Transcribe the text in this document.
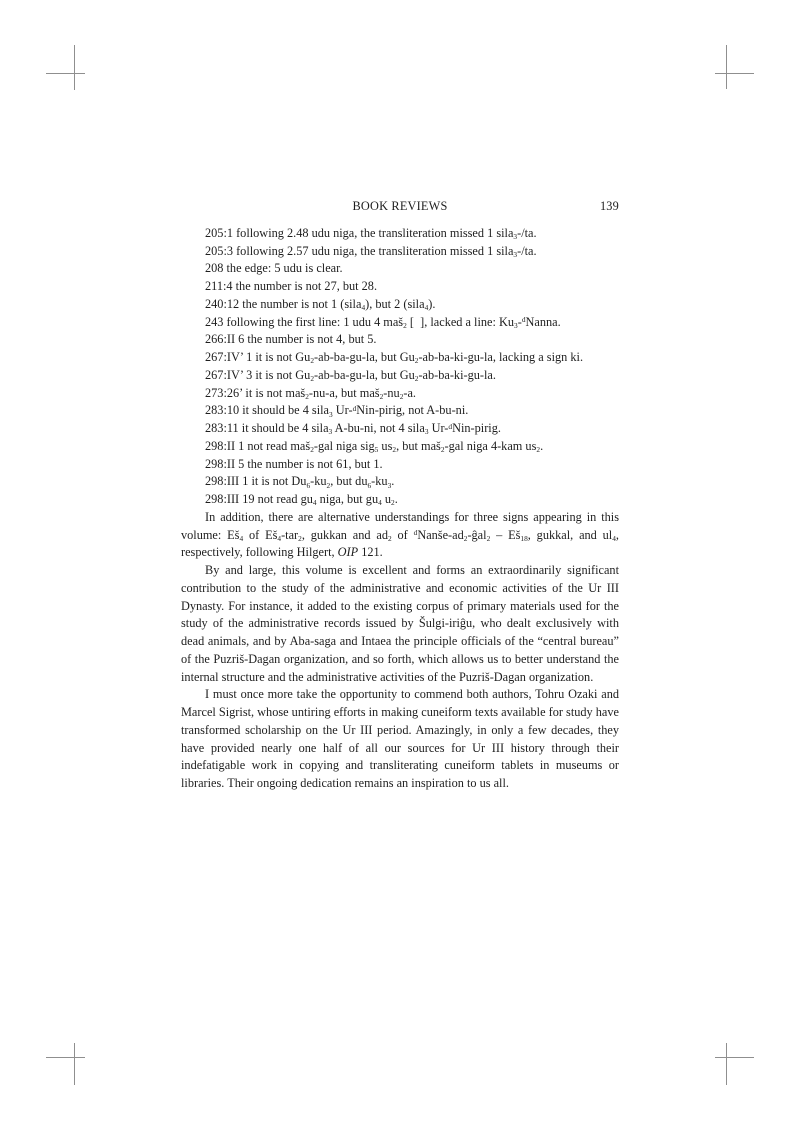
BOOK REVIEWS	139
205:1 following 2.48 udu niga, the transliteration missed 1 sila$_3$-/ta.
205:3 following 2.57 udu niga, the transliteration missed 1 sila$_3$-/ta.
208 the edge: 5 udu is clear.
211:4 the number is not 27, but 28.
240:12 the number is not 1 (sila$_4$), but 2 (sila$_4$).
243 following the first line: 1 udu 4 maš$_2$ [  ], lacked a line: $Ku_3-^dNanna$.
266:II 6 the number is not 4, but 5.
267:IV’ 1 it is not $Gu_2-ab-ba-gu-la$, but $Gu_2-ab-ba-ki-gu-la$, lacking a sign ki.
267:IV’ 3 it is not $Gu_2-ab-ba-gu-la$, but $Gu_2-ab-ba-ki-gu-la$.
273:26’ it is not maš$_2$-nu-a, but $maš_2-nu_2-a$.
283:10 it should be 4 sila$_3$ Ur-$^d$Nin-pirig, not A-bu-ni.
283:11 it should be 4 sila$_3$ A-bu-ni, not 4 sila$_3$ Ur-$^d$Nin-pirig.
298:II 1 not read maš$_2$-gal niga sig$_5$ $us_2$, but maš$_2$-gal niga 4-kam $us_2$.
298:II 5 the number is not 61, but 1.
298:III 1 it is not $Du_6-ku_2$, but $du_6-ku_3$.
298:III 19 not read $gu_4$ niga, but $gu_4$ $u_2$.
In addition, there are alternative understandings for three signs appearing in this volume: $Eš_4$ of $Eš_4-tar_2$, gukkan and $ad_2$ of $^dNanše-ad_2-ĝal_2$ – $Eš_{18}$, gukkal, and $ul_4$, respectively, following Hilgert, OIP 121.
By and large, this volume is excellent and forms an extraordinarily significant contribution to the study of the administrative and economic activities of the Ur III Dynasty. For instance, it added to the existing corpus of primary materials used for the study of the administrative records issued by Šulgi-iriĝu, who dealt exclusively with dead animals, and by Aba-saga and Intaea the principle officials of the “central bureau” of the Puzriš-Dagan organization, and so forth, which allows us to better understand the internal structure and the administrative activities of the Puzriš-Dagan organization.
I must once more take the opportunity to commend both authors, Tohru Ozaki and Marcel Sigrist, whose untiring efforts in making cuneiform texts available for study have transformed scholarship on the Ur III period. Amazingly, in only a few decades, they have provided nearly one half of all our sources for Ur III history through their indefatigable work in copying and transliterating cuneiform tablets in museums or libraries. Their ongoing dedication remains an inspiration to us all.
